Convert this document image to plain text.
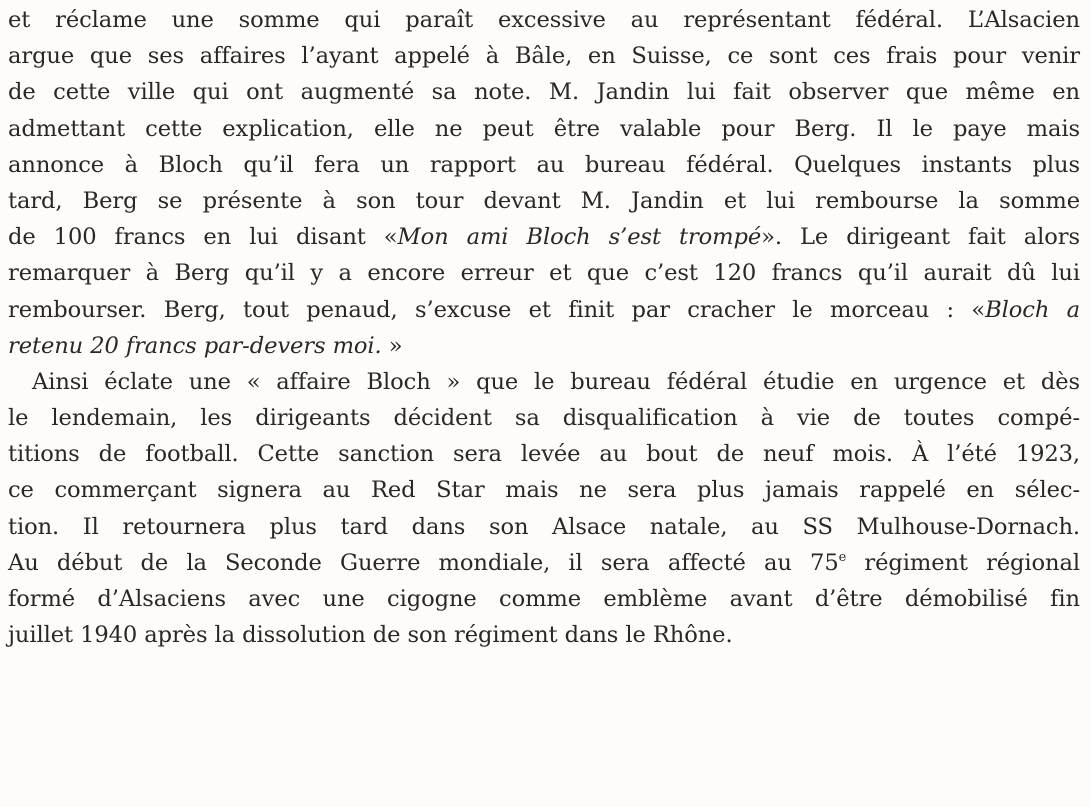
et réclame une somme qui paraît excessive au représentant fédéral. L’Alsacien
argue que ses affaires l’ayant appelé à Bâle, en Suisse, ce sont ces frais pour venir
de cette ville qui ont augmenté sa note. M. Jandin lui fait observer que même en
admettant cette explication, elle ne peut être valable pour Berg. Il le paye mais
annonce à Bloch qu’il fera un rapport au bureau fédéral. Quelques instants plus
tard, Berg se présente à son tour devant M. Jandin et lui rembourse la somme
de 100 francs en lui disant «Mon ami Bloch s’est trompé». Le dirigeant fait alors
remarquer à Berg qu’il y a encore erreur et que c’est 120 francs qu’il aurait dû lui
rembourser. Berg, tout penaud, s’excuse et finit par cracher le morceau : «Bloch a
retenu 20 francs par-devers moi. »

Ainsi éclate une « affaire Bloch » que le bureau fédéral étudie en urgence et dès
le lendemain, les dirigeants décident sa disqualification à vie de toutes compé-
titions de football. Cette sanction sera levée au bout de neuf mois. À l’été 1923,
ce commerçant signera au Red Star mais ne sera plus jamais rappelé en sélec-
tion. Il retournera plus tard dans son Alsace natale, au SS Mulhouse-Dornach.
Au début de la Seconde Guerre mondiale, il sera affecté au 75e régiment régional
formé d’Alsaciens avec une cigogne comme emblème avant d’être démobilisé fin
juillet 1940 après la dissolution de son régiment dans le Rhône.
